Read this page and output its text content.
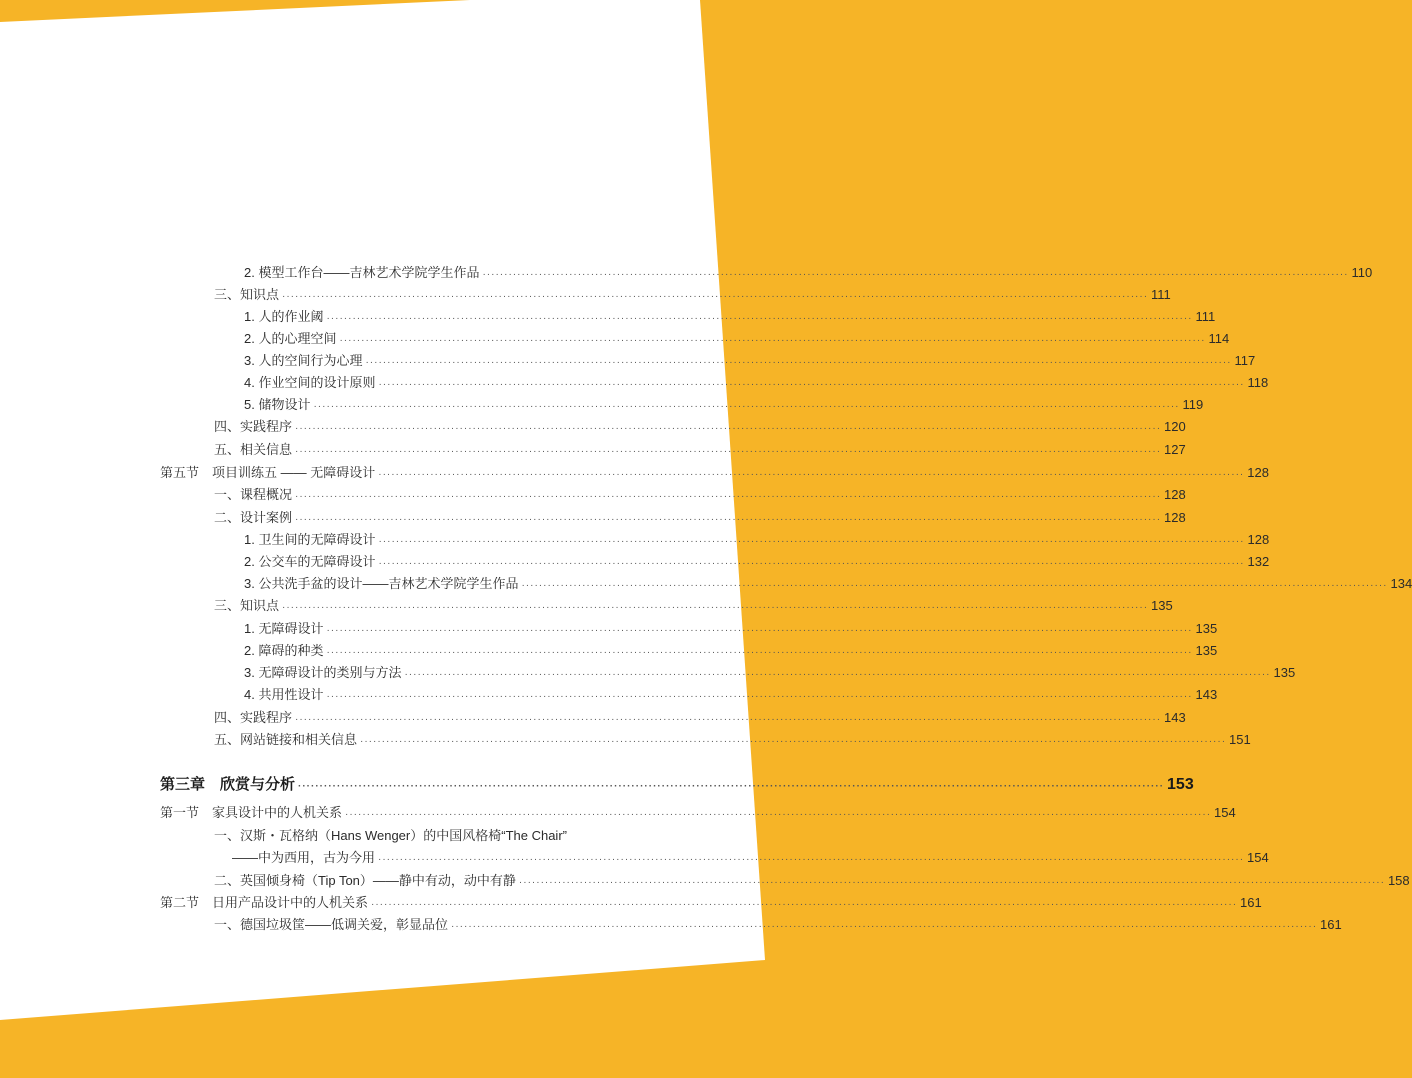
2. 模型工作台——吉林艺术学院学生作品 ········································································································································································································ 110
三、知识点 ········································································································································································································ 111
1. 人的作业阈 ········································································································································································································ 111
2. 人的心理空间 ········································································································································································································ 114
3. 人的空间行为心理 ········································································································································································································ 117
4. 作业空间的设计原则 ········································································································································································································ 118
5. 储物设计 ········································································································································································································ 119
四、实践程序 ········································································································································································································ 120
五、相关信息 ········································································································································································································ 127
第五节 项目训练五 —— 无障碍设计 ········································································································································································································ 128
一、课程概况 ········································································································································································································ 128
二、设计案例 ········································································································································································································ 128
1. 卫生间的无障碍设计 ········································································································································································································ 128
2. 公交车的无障碍设计 ········································································································································································································ 132
3. 公共洗手盆的设计——吉林艺术学院学生作品 ········································································································································································································ 134
三、知识点 ········································································································································································································ 135
1. 无障碍设计 ········································································································································································································ 135
2. 障碍的种类 ········································································································································································································ 135
3. 无障碍设计的类别与方法 ········································································································································································································ 135
4. 共用性设计 ········································································································································································································ 143
四、实践程序 ········································································································································································································ 143
五、网站链接和相关信息 ········································································································································································································ 151
第三章　欣赏与分析 ········································································································································································································ 153
第一节 家具设计中的人机关系 ········································································································································································································ 154
一、汉斯・瓦格纳（Hans Wenger）的中国风格椅“The Chair”
——中为西用，古为今用 ········································································································································································································ 154
二、英国倾身椅（Tip Ton）——静中有动，动中有静 ········································································································································································································ 158
第二节 日用产品设计中的人机关系 ········································································································································································································ 161
一、德国垃圾筐——低调关爱，彰显品位 ········································································································································································································ 161
